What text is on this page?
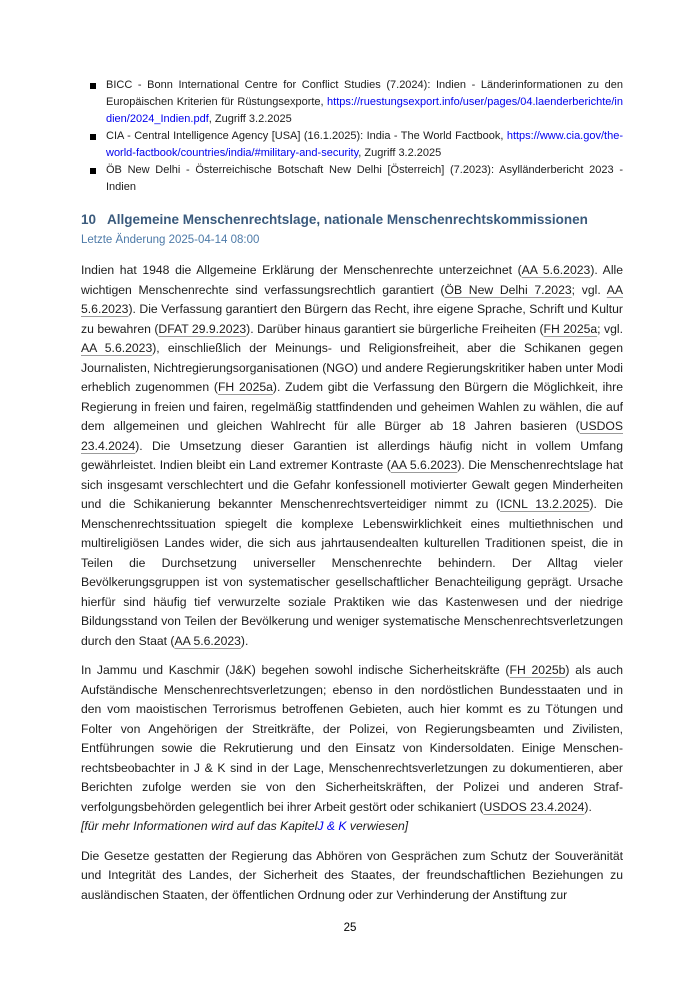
BICC - Bonn International Centre for Conflict Studies (7.2024): Indien - Länderinformationen zu den Europäischen Kriterien für Rüstungsexporte, https://ruestungsexport.info/user/pages/04.laenderberichte/indien/2024_Indien.pdf, Zugriff 3.2.2025
CIA - Central Intelligence Agency [USA] (16.1.2025): India - The World Factbook, https://www.cia.gov/the-world-factbook/countries/india/#military-and-security, Zugriff 3.2.2025
ÖB New Delhi - Österreichische Botschaft New Delhi [Österreich] (7.2023): Asylländerbericht 2023 - Indien
10 Allgemeine Menschenrechtslage, nationale Menschenrechtskommissionen
Letzte Änderung 2025-04-14 08:00

Indien hat 1948 die Allgemeine Erklärung der Menschenrechte unterzeichnet (AA 5.6.2023). Alle wichtigen Menschenrechte sind verfassungsrechtlich garantiert (ÖB New Delhi 7.2023; vgl. AA 5.6.2023). Die Verfassung garantiert den Bürgern das Recht, ihre eigene Sprache, Schrift und Kultur zu bewahren (DFAT 29.9.2023). Darüber hinaus garantiert sie bürgerliche Freiheiten (FH 2025a; vgl. AA 5.6.2023), einschließlich der Meinungs- und Religionsfreiheit, aber die Schikanen gegen Journalisten, Nichtregierungsorganisationen (NGO) und andere Regierungskritiker haben unter Modi erheblich zugenommen (FH 2025a). Zudem gibt die Verfassung den Bürgern die Möglichkeit, ihre Regierung in freien und fairen, regelmäßig stattfindenden und geheimen Wahlen zu wählen, die auf dem allgemeinen und gleichen Wahlrecht für alle Bürger ab 18 Jahren basieren (USDOS 23.4.2024). Die Umsetzung dieser Garantien ist allerdings häufig nicht in vollem Umfang gewährleistet. Indien bleibt ein Land extremer Kontraste (AA 5.6.2023). Die Menschenrechtslage hat sich insgesamt verschlechtert und die Gefahr konfessionell motivierter Gewalt gegen Minderheiten und die Schikanierung bekannter Menschenrechtsverteidiger nimmt zu (ICNL 13.2.2025). Die Menschenrechtssituation spiegelt die komplexe Lebenswirklichkeit eines multiethnischen und multireligiösen Landes wider, die sich aus jahrtausendealten kulturellen Traditionen speist, die in Teilen die Durchsetzung universeller Menschenrechte behindern. Der Alltag vieler Bevölkerungsgruppen ist von systematischer gesellschaftlicher Benachteiligung geprägt. Ursache hierfür sind häufig tief verwurzelte soziale Praktiken wie das Kastenwesen und der niedrige Bildungsstand von Teilen der Bevölkerung und weniger systematische Menschenrechtsverletzungen durch den Staat (AA 5.6.2023).

In Jammu und Kaschmir (J&K) begehen sowohl indische Sicherheitskräfte (FH 2025b) als auch Aufständische Menschenrechtsverletzungen; ebenso in den nordöstlichen Bundesstaaten und in den vom maoistischen Terrorismus betroffenen Gebieten, auch hier kommt es zu Tötungen und Folter von Angehörigen der Streitkräfte, der Polizei, von Regierungsbeamten und Zivilisten, Entführungen sowie die Rekrutierung und den Einsatz von Kindersoldaten. Einige Menschenrechtsbeobachter in J & K sind in der Lage, Menschenrechtsverletzungen zu dokumentieren, aber Berichten zufolge werden sie von den Sicherheitskräften, der Polizei und anderen Strafverfolgungsbehörden gelegentlich bei ihrer Arbeit gestört oder schikaniert (USDOS 23.4.2024).

[für mehr Informationen wird auf das KapitelJ & K verwiesen]

Die Gesetze gestatten der Regierung das Abhören von Gesprächen zum Schutz der Souveränität und Integrität des Landes, der Sicherheit des Staates, der freundschaftlichen Beziehungen zu ausländischen Staaten, der öffentlichen Ordnung oder zur Verhinderung der Anstiftung zur

25
